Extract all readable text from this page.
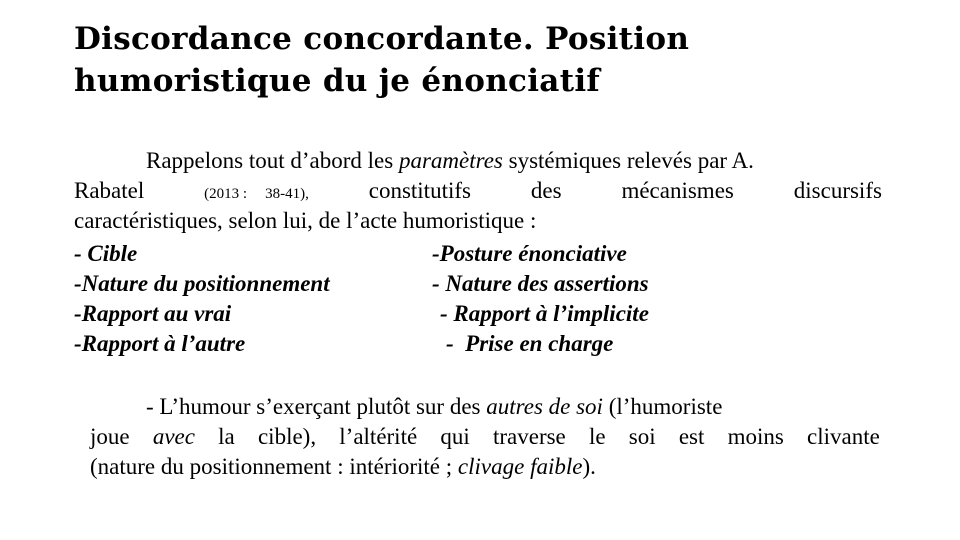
Discordance concordante. Position
humoristique du je énonciatif
Rappelons tout d’abord les paramètres systémiques relevés par A.
Rabatel	(2013 : 38-41),	constitutifs	des	mécanismes	discursifs
caractéristiques, selon lui, de l’acte humoristique :
- Cible	-Posture énonciative
-Nature du positionnement	- Nature des assertions
-Rapport au vrai	- Rapport à l’implicite
-Rapport à l’autre	-  Prise en charge
- L’humour s’exerçant plutôt sur des autres de soi (l’humoriste
joue avec la cible), l’altérité qui traverse le soi est moins clivante
(nature du positionnement : intériorité ; clivage faible).
